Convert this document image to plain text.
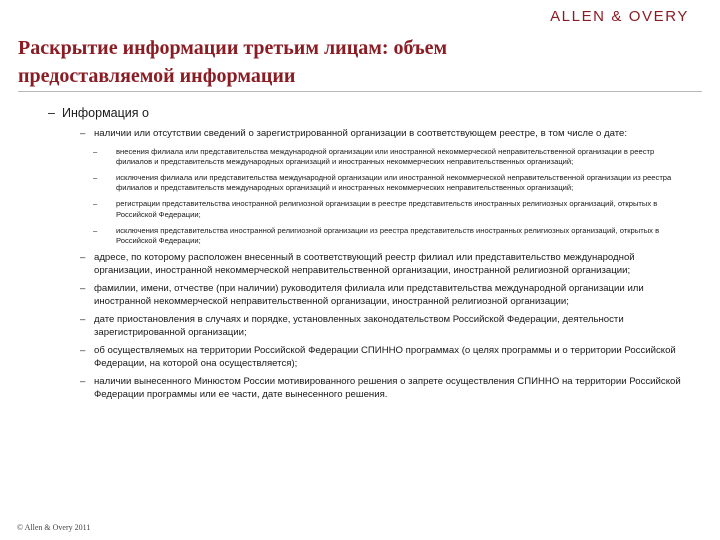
ALLEN & OVERY
Раскрытие информации третьим лицам: объем предоставляемой информации

– Информация о

– наличии или отсутствии сведений о зарегистрированной организации в соответствующем реестре, в том числе о дате:

– внесения филиала или представительства международной организации или иностранной некоммерческой неправительственной организации в реестр филиалов и представительств международных организаций и иностранных некоммерческих неправительственных организаций;

– исключения филиала или представительства международной организации или иностранной некоммерческой неправительственной организации из реестра филиалов и представительств международных организаций и иностранных некоммерческих неправительственных организаций;

– регистрации представительства иностранной религиозной организации в реестре представительств иностранных религиозных организаций, открытых в Российской Федерации;

– исключения представительства иностранной религиозной организации из реестра представительств иностранных религиозных организаций, открытых в Российской Федерации;

– адресе, по которому расположен внесенный в соответствующий реестр филиал или представительство международной организации, иностранной некоммерческой неправительственной организации, иностранной религиозной организации;

– фамилии, имени, отчестве (при наличии) руководителя филиала или представительства международной организации или иностранной некоммерческой неправительственной организации, иностранной религиозной организации;

– дате приостановления в случаях и порядке, установленных законодательством Российской Федерации, деятельности зарегистрированной организации;

– об осуществляемых на территории Российской Федерации СПИННО программах (о целях программы и о территории Российской Федерации, на которой она осуществляется);

– наличии вынесенного Минюстом России мотивированного решения о запрете осуществления СПИННО на территории Российской Федерации программы или ее части, дате вынесенного решения.

© Allen & Overy 2011
